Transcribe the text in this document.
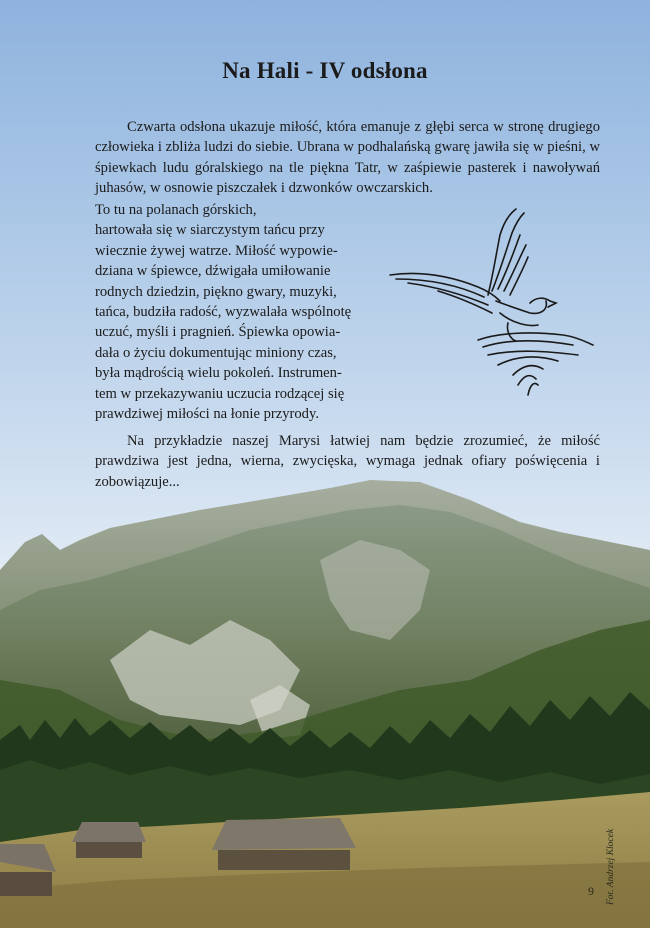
Na Hali - IV odsłona

Czwarta odsłona ukazuje miłość, która emanuje z głębi serca w stronę drugiego człowieka i zbliża ludzi do siebie. Ubrana w podhalańską gwarę jawiła się w pieśni, w śpiewkach ludu góralskiego na tle piękna Tatr, w zaśpiewie pasterek i nawoływań juhasów, w osnowie piszczałek i dzwonków owczarskich.

To tu na polanach górskich,
hartowała się w siarczystym tańcu przy
wiecznie żywej watrze. Miłość wypowie-
dziana w śpiewce, dźwigała umiłowanie
rodnych dziedzin, piękno gwary, muzyki,
tańca, budziła radość, wyzwalała wspólnotę
uczuć, myśli i pragnień. Śpiewka opowia-
dała o życiu dokumentując miniony czas,
była mądrością wielu pokoleń. Instrumen-
tem w przekazywaniu uczucia rodzącej się
prawdziwej miłości na łonie przyrody.

Na przykładzie naszej Marysi łatwiej nam będzie zrozumieć, że miłość prawdziwa jest jedna, wierna, zwycięska, wymaga jednak ofiary poświęcenia i zobowiązuje...

9 Fot. Andrzej Klocek
